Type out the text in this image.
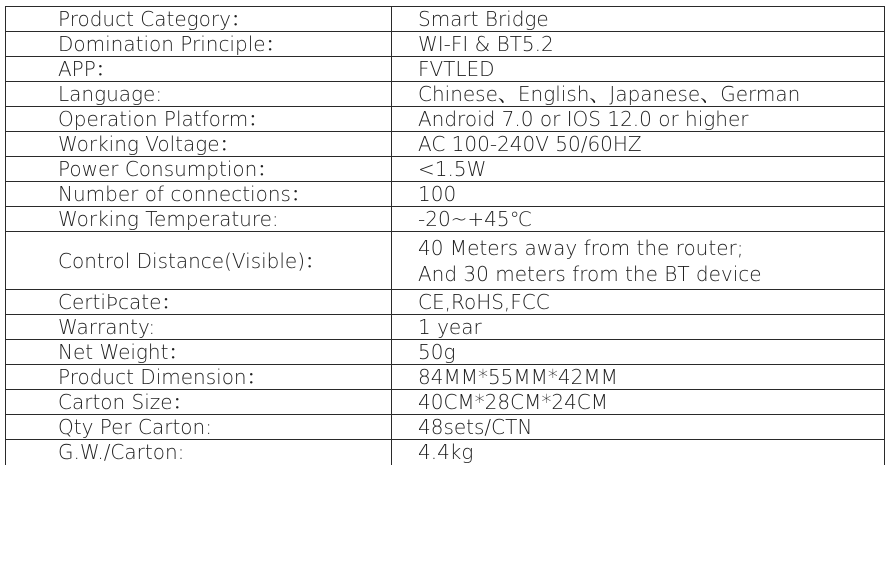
Product Category：	Smart Bridge
Domination Principle：	WI-FI & BT5.2
APP：	FVTLED
Language:	Chinese、English、Japanese、German
Operation Platform：	Android 7.0 or IOS 12.0 or higher
Working Voltage：	AC 100-240V 50/60HZ
Power Consumption：	<1.5W
Number of connections：	100
Working Temperature:	-20~+45℃
Control Distance(Visible)：	40 Meters away from the router;
And 30 meters from the BT device

CertiÞcate：	CE,RoHS,FCC
Warranty:	1 year
Net Weight：	50g
Product Dimension：	84MM*55MM*42MM
Carton Size：	40CM*28CM*24CM
Qty Per Carton:	48sets/CTN
G.W./Carton:	4.4kg
